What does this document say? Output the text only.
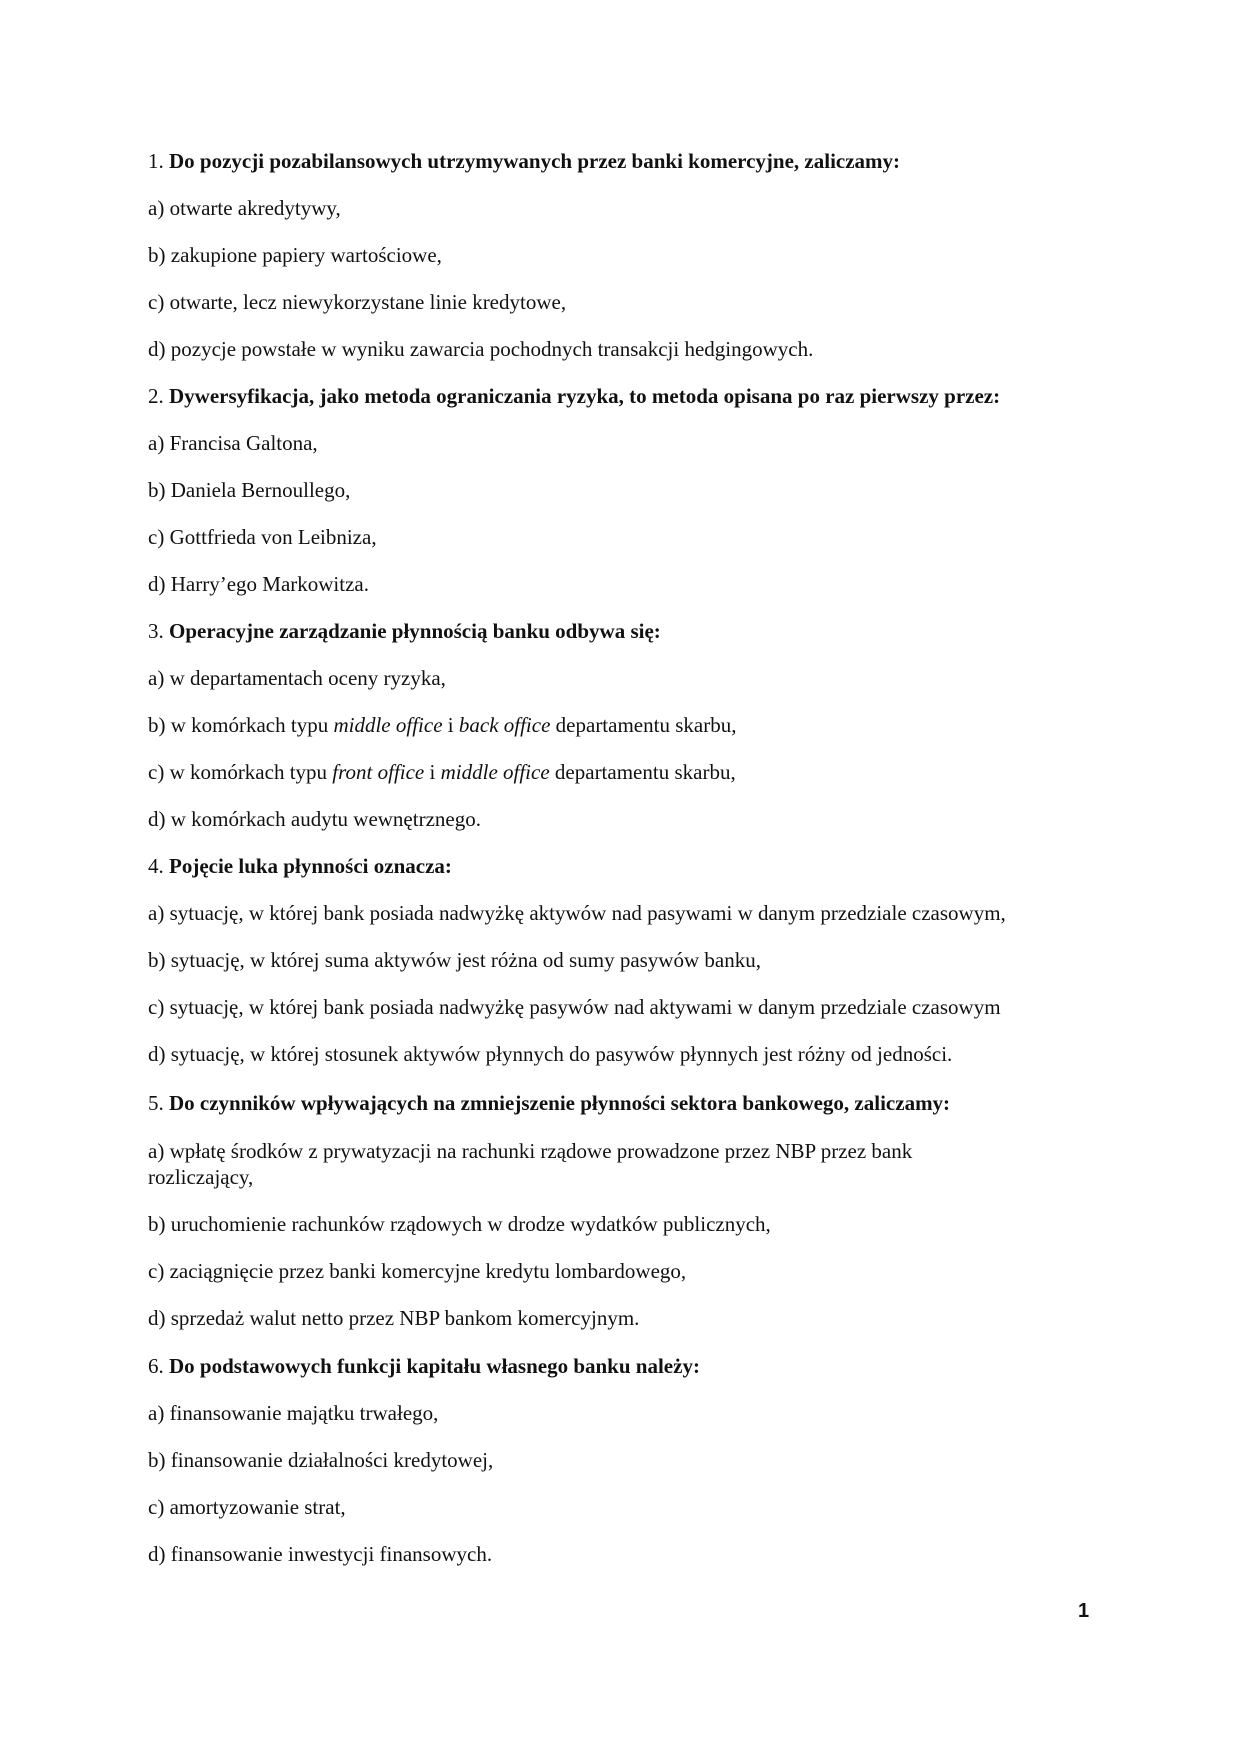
1. Do pozycji pozabilansowych utrzymywanych przez banki komercyjne, zaliczamy:
a) otwarte akredytywy,
b) zakupione papiery wartościowe,
c) otwarte, lecz niewykorzystane linie kredytowe,
d) pozycje powstałe w wyniku zawarcia pochodnych transakcji hedgingowych.
2. Dywersyfikacja, jako metoda ograniczania ryzyka, to metoda opisana po raz pierwszy przez:
a) Francisa Galtona,
b) Daniela Bernoullego,
c) Gottfrieda von Leibniza,
d) Harry’ego Markowitza.
3. Operacyjne zarządzanie płynnością banku odbywa się:
a) w departamentach oceny ryzyka,
b) w komórkach typu middle office i back office departamentu skarbu,
c) w komórkach typu front office i middle office departamentu skarbu,
d) w komórkach audytu wewnętrznego.
4. Pojęcie luka płynności oznacza:
a) sytuację, w której bank posiada nadwyżkę aktywów nad pasywami w danym przedziale czasowym,
b) sytuację, w której suma aktywów jest różna od sumy pasywów banku,
c) sytuację, w której bank posiada nadwyżkę pasywów nad aktywami w danym przedziale czasowym
d) sytuację, w której stosunek aktywów płynnych do pasywów płynnych jest różny od jedności.
5. Do czynników wpływających na zmniejszenie płynności sektora bankowego, zaliczamy:
a) wpłatę środków z prywatyzacji na rachunki rządowe prowadzone przez NBP przez bank rozliczający,
b) uruchomienie rachunków rządowych w drodze wydatków publicznych,
c) zaciągnięcie przez banki komercyjne kredytu lombardowego,
d) sprzedaż walut netto przez NBP bankom komercyjnym.
6. Do podstawowych funkcji kapitału własnego banku należy:
a) finansowanie majątku trwałego,
b) finansowanie działalności kredytowej,
c) amortyzowanie strat,
d) finansowanie inwestycji finansowych.
1
